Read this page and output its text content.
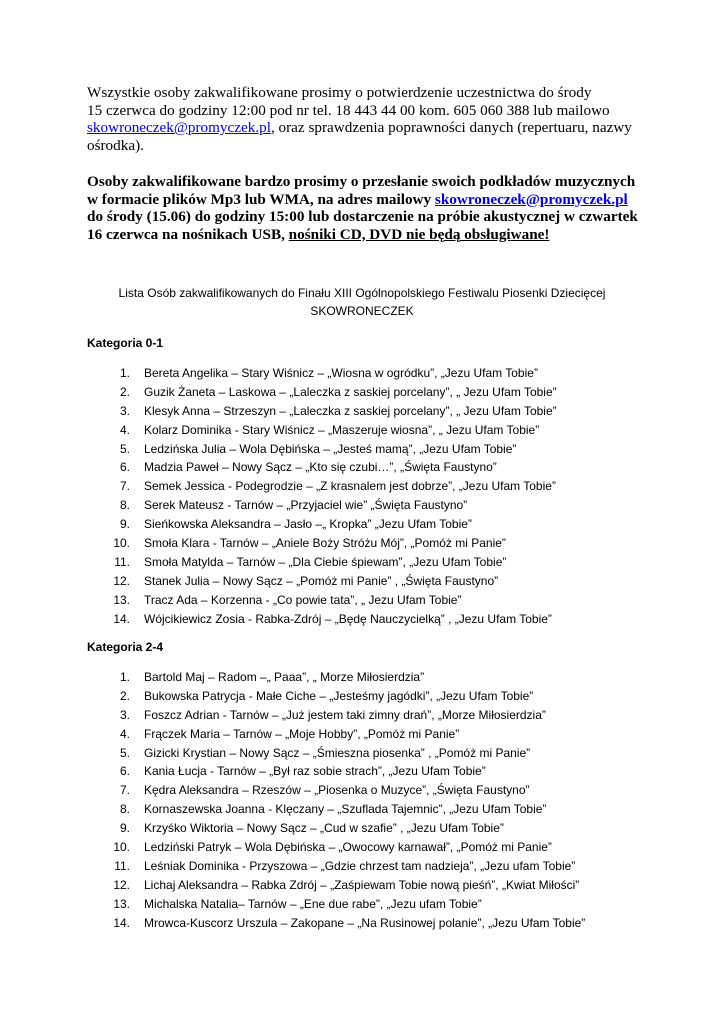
Wszystkie osoby zakwalifikowane prosimy o potwierdzenie uczestnictwa do środy
15 czerwca do godziny 12:00 pod nr tel. 18 443 44 00 kom. 605 060 388 lub mailowo
skowroneczek@promyczek.pl, oraz sprawdzenia poprawności danych (repertuaru, nazwy
ośrodka).

Osoby zakwalifikowane bardzo prosimy o przesłanie swoich podkładów muzycznych w formacie plików Mp3 lub WMA, na adres mailowy skowroneczek@promyczek.pl do środy (15.06) do godziny 15:00 lub dostarczenie na próbie akustycznej w czwartek 16 czerwca na nośnikach USB, nośniki CD, DVD nie będą obsługiwane!

Lista Osób zakwalifikowanych do Finału XIII Ogólnopolskiego Festiwalu Piosenki Dziecięcej
SKOWRONECZEK
Kategoria 0-1
1. Bereta Angelika – Stary Wiśnicz – „Wiosna w ogródku”, „Jezu Ufam Tobie”
2. Guzik Żaneta – Laskowa – „Laleczka z saskiej porcelany”, „ Jezu Ufam Tobie”
3. Klesyk Anna – Strzeszyn – „Laleczka z saskiej porcelany”, „ Jezu Ufam Tobie”
4. Kolarz Dominika - Stary Wiśnicz – „Maszeruje wiosna”, „ Jezu Ufam Tobie”
5. Ledzińska Julia – Wola Dębińska – „Jesteś mamą”, „Jezu Ufam Tobie”
6. Madzia Paweł – Nowy Sącz – „Kto się czubi…”, „Święta Faustyno”
7. Semek Jessica - Podegrodzie – „Z krasnalem jest dobrze”, „Jezu Ufam Tobie”
8. Serek Mateusz - Tarnów – „Przyjaciel wie” „Święta Faustyno”
9. Sieńkowska Aleksandra – Jasło –„ Kropka” „Jezu Ufam Tobie”
10. Smoła Klara - Tarnów – „Aniele Boży Stróżu Mój”, „Pomóż mi Panie”
11. Smoła Matylda – Tarnów – „Dla Ciebie śpiewam”, „Jezu Ufam Tobie”
12. Stanek Julia – Nowy Sącz – „Pomóż mi Panie” , „Święta Faustyno”
13. Tracz Ada – Korzenna - „Co powie tata”, „ Jezu Ufam Tobie”
14. Wójcikiewicz Zosia - Rabka-Zdrój – „Będę Nauczycielką” , „Jezu Ufam Tobie”
Kategoria 2-4
1. Bartold Maj – Radom –„ Paaa”, „ Morze Miłosierdzia”
2. Bukowska Patrycja - Małe Ciche – „Jesteśmy jagódki”, „Jezu Ufam Tobie”
3. Foszcz Adrian - Tarnów – „Już jestem taki zimny drań”, „Morze Miłosierdzia”
4. Frączek Maria – Tarnów – „Moje Hobby”, „Pomóż mi Panie”
5. Gizicki Krystian – Nowy Sącz – „Śmieszna piosenka” , „Pomóż mi Panie”
6. Kania Łucja - Tarnów – „Był raz sobie strach”, „Jezu Ufam Tobie”
7. Kędra Aleksandra – Rzeszów – „Piosenka o Muzyce”, „Święta Faustyno”
8. Kornaszewska Joanna - Klęczany – „Szuflada Tajemnic”, „Jezu Ufam Tobie”
9. Krzyśko Wiktoria – Nowy Sącz – „Cud w szafie” , „Jezu Ufam Tobie”
10. Ledziński Patryk – Wola Dębińska – „Owocowy karnawał”, „Pomóż mi Panie”
11. Leśniak Dominika - Przyszowa – „Gdzie chrzest tam nadzieja”, „Jezu ufam Tobie”
12. Lichaj Aleksandra – Rabka Zdrój – „Zaśpiewam Tobie nową pieśń”, „Kwiat Miłości”
13. Michalska Natalia– Tarnów – „Ene due rabe”, „Jezu ufam Tobie”
14. Mrowca-Kuscorz Urszula – Zakopane – „Na Rusinowej polanie”, „Jezu Ufam Tobie”
